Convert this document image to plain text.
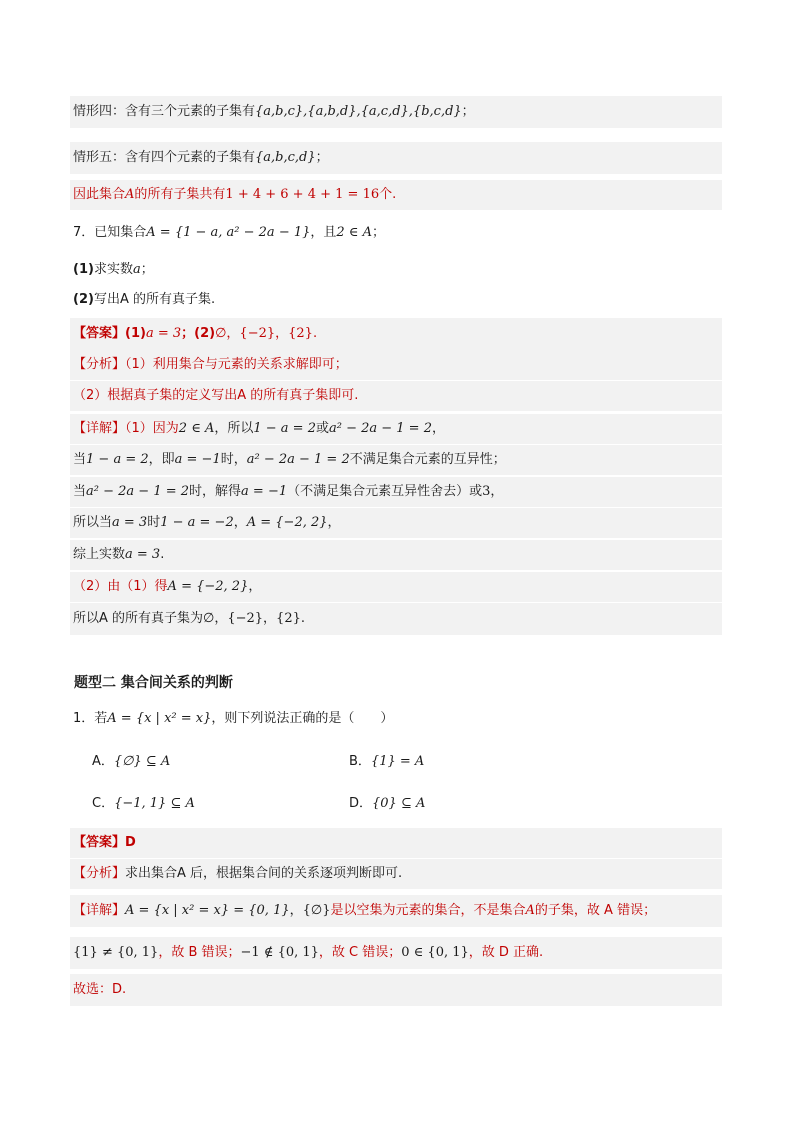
情形四：含有三个元素的子集有{a,b,c},{a,b,d},{a,c,d},{b,c,d}；
情形五：含有四个元素的子集有{a,b,c,d}；
因此集合A的所有子集共有1 + 4 + 6 + 4 + 1 = 16个.
7．已知集合A = {1 − a, a² − 2a − 1}，且2 ∈ A；
(1)求实数a；
(2)写出A 的所有真子集.
【答案】(1)a = 3；(2)∅，{−2}，{2}.
【分析】（1）利用集合与元素的关系求解即可；
（2）根据真子集的定义写出A 的所有真子集即可.
【详解】（1）因为2 ∈ A，所以1 − a = 2或a² − 2a − 1 = 2，
当1 − a = 2，即a = −1时，a² − 2a − 1 = 2不满足集合元素的互异性；
当a² − 2a − 1 = 2时，解得a = −1（不满足集合元素互异性舍去）或3，
所以当a = 3时1 − a = −2，A = {−2, 2}，
综上实数a = 3.
（2）由（1）得A = {−2, 2}，
所以A 的所有真子集为∅，{−2}，{2}.
题型二 集合间关系的判断
1．若A = {x | x² = x}，则下列说法正确的是（　　）
A．{∅} ⊆ A	B．{1} = A
C．{−1, 1} ⊆ A	D．{0} ⊆ A
【答案】D
【分析】求出集合A 后，根据集合间的关系逐项判断即可.
【详解】A = {x | x² = x} = {0, 1}，{∅}是以空集为元素的集合，不是集合A的子集，故 A 错误；
{1} ≠ {0, 1}，故 B 错误；−1 ∉ {0, 1}，故 C 错误；0 ∈ {0, 1}，故 D 正确.
故选：D.
